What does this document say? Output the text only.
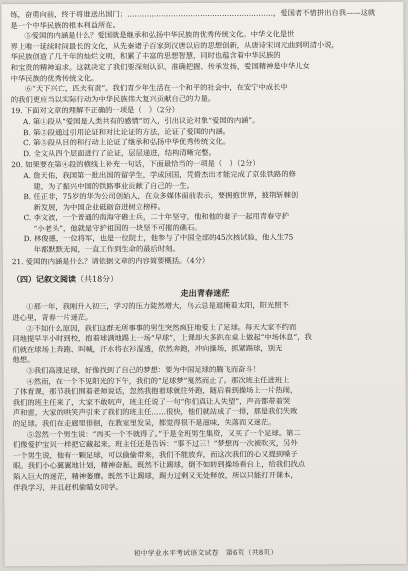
练，奋勇向前，终于将谁送出国门；……………………………………………………，爱国者不惜拼出自我——这就

是一个中华民族的根本利益所在。

⑤爱国的内涵是什么？爱国就是继承和弘扬中华民族的优秀传统文化。中华文化是世

界上唯一延续时间最长的文化，从先秦诸子百家到汉唐以后的思想创新，从唐诗宋词元曲到明清小说，

华民族创造了几千年的灿烂文明，积累了丰富的思想智慧，同时也蕴含着中华民族的

和宝贵的精神追求。这就决定了我们要深刻认识、准确把握、传承发扬，爱国精神是中华儿女

中华民族的优秀传统文化。

⑥“天下兴亡，匹夫有责”。我们青少年生活在一个和平的社会中，在安宁中成长中

的我们更应当以实际行动为中华民族伟大复兴贡献自己的力量。

19. 下面对文章的理解不正确的一项是（　）（2分）

A. 第①段从“爱国是人类共有的感情”切入，引出议论对象“爱国的内涵”。

B. 第②段通过引用论证和对比论证的方法，论证了爱国的内涵。

C. 第⑤段从目的和行动上论证了继承和弘扬中华优秀传统文化。

D. 全文从四个层面进行了论证，层层递进，结构清晰完整。

20. 如果要在第④段的横线上补充一句话，下面最恰当的一项是（　）（2分）

A. 詹天佑，我国第一批出国的留学生，学成回国，凭借杰出才能完成了京张铁路的修

建，为了振兴中国的铁路事业贡献了自己的一生。

B. 任正非，75岁的华为公司创始人，在众多媒体面前表示，要拥抱世界，披荆斩棘创

新发展，为中国企业砥砺奋进树立榜样。

C. 李文波，一个普通的南海守礁士兵，二十年坚守，他和他的妻子一起用青春守护

“小老头”，他就是守护祖国的一块坚不可摧的礁石。

D. 林俊德，一位将军，也是一位院士，他参与了中国全部的45次核试验，他人生75

年都默默无闻，一直工作到生命的最后时刻。

21. 爱国的内涵是什么？请依据文章的内容简要概括。（4分）

（四）记叙文阅读（共18分）

走出青春迷茫

①那一年，我刚升入初三，学习的压力陡然增大，乌云总是遮掩着太阳，阳光照不

进心里，青春一片迷茫。

②不知什么原因，我们这群无所事事的男生突然疯狂地爱上了足球。每天大家不约而

同地提早半小时到校，抱着球满地踢上一场“早球”，上课却大多趴在桌上做起“中场休息”，我

们就在球场上奔跑、叫喊，汗水将衣衫湿透，依然奔跑，冲向操场，抓紧踢球，别无

他想。

③我们高涨足球，好像找到了自己的梦想：要为中国足球的腾飞而奋斗！

④然而，在一个不见阳光的下午，我们的“足球梦”戛然而止了。那次班主任进班上

了体育课，那节我们围着老师说话，忽然我抱着球就往外跑，随后看到操场上一片热闹，

我们的班主任来了，大家不敢吭声，班主任说了一句“你们真让人失望”，声音都带着哭

声和雷，大家的哄笑声引来了我们的班主任……很快，他们就站成了一排，那是我们失败

的足球。我们在走廊里徘徊，在教室里发呆，都觉得很不是滋味，失落而又迷茫。

⑤忽然一个男生说：“再买一个不就得了。”于是全班男生集资，又买了一个足球。第二

们像爱护宝贝一样把它藏起来。班主任还是告诉：“事不过三！”梦想再一次被吹灭，另外

一个男生说，他有一颗足球，可以偷偷带来，我们不能放弃，而这次我们的心又提到嗓子

眼。我们小心翼翼地计划，精神奋振。既然不让踢球，倒不如转到操场看台上，给我们找点

陷入巨大的迷茫，精神萎靡。既然不让踢球，踢力过剩又无处释放，所以只能打开课本，

伴我学习，并且赶机偷瞄女同学。

初中学业水平考试语文试卷　第6页（共8页）
